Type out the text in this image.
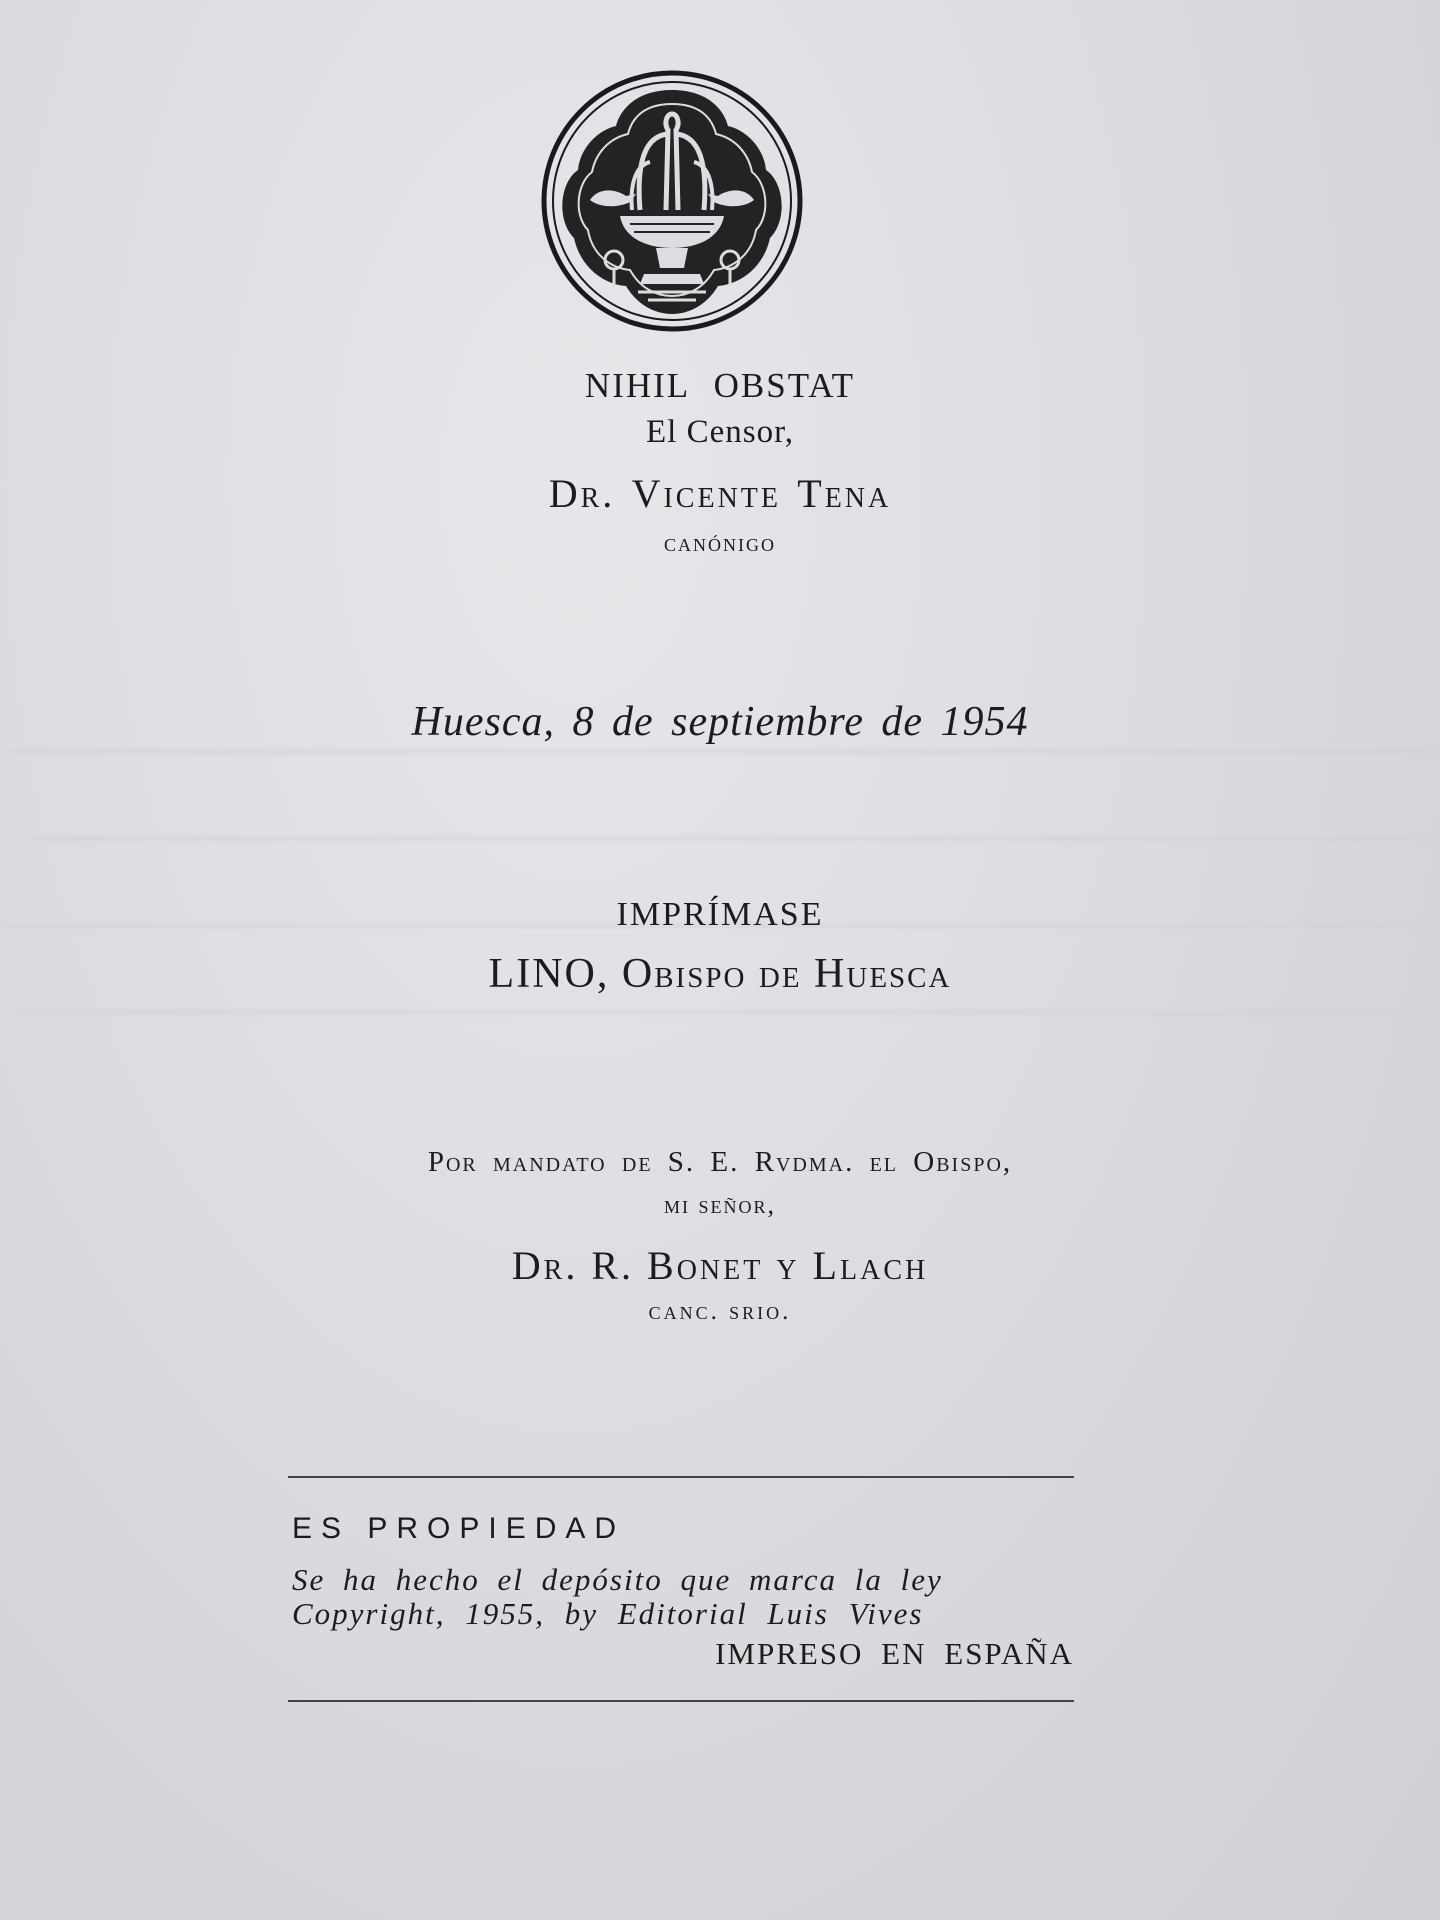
NIHIL OBSTAT
El Censor,
Dr. Vicente Tena
canónigo
Huesca, 8 de septiembre de 1954
IMPRÍMASE
LINO, Obispo de Huesca
Por mandato de S. E. Rvdma. el Obispo,
mi señor,
Dr. R. Bonet y Llach
canc. srio.
ES PROPIEDAD
Se ha hecho el depósito que marca la ley
Copyright, 1955, by Editorial Luis Vives
IMPRESO EN ESPAÑA
